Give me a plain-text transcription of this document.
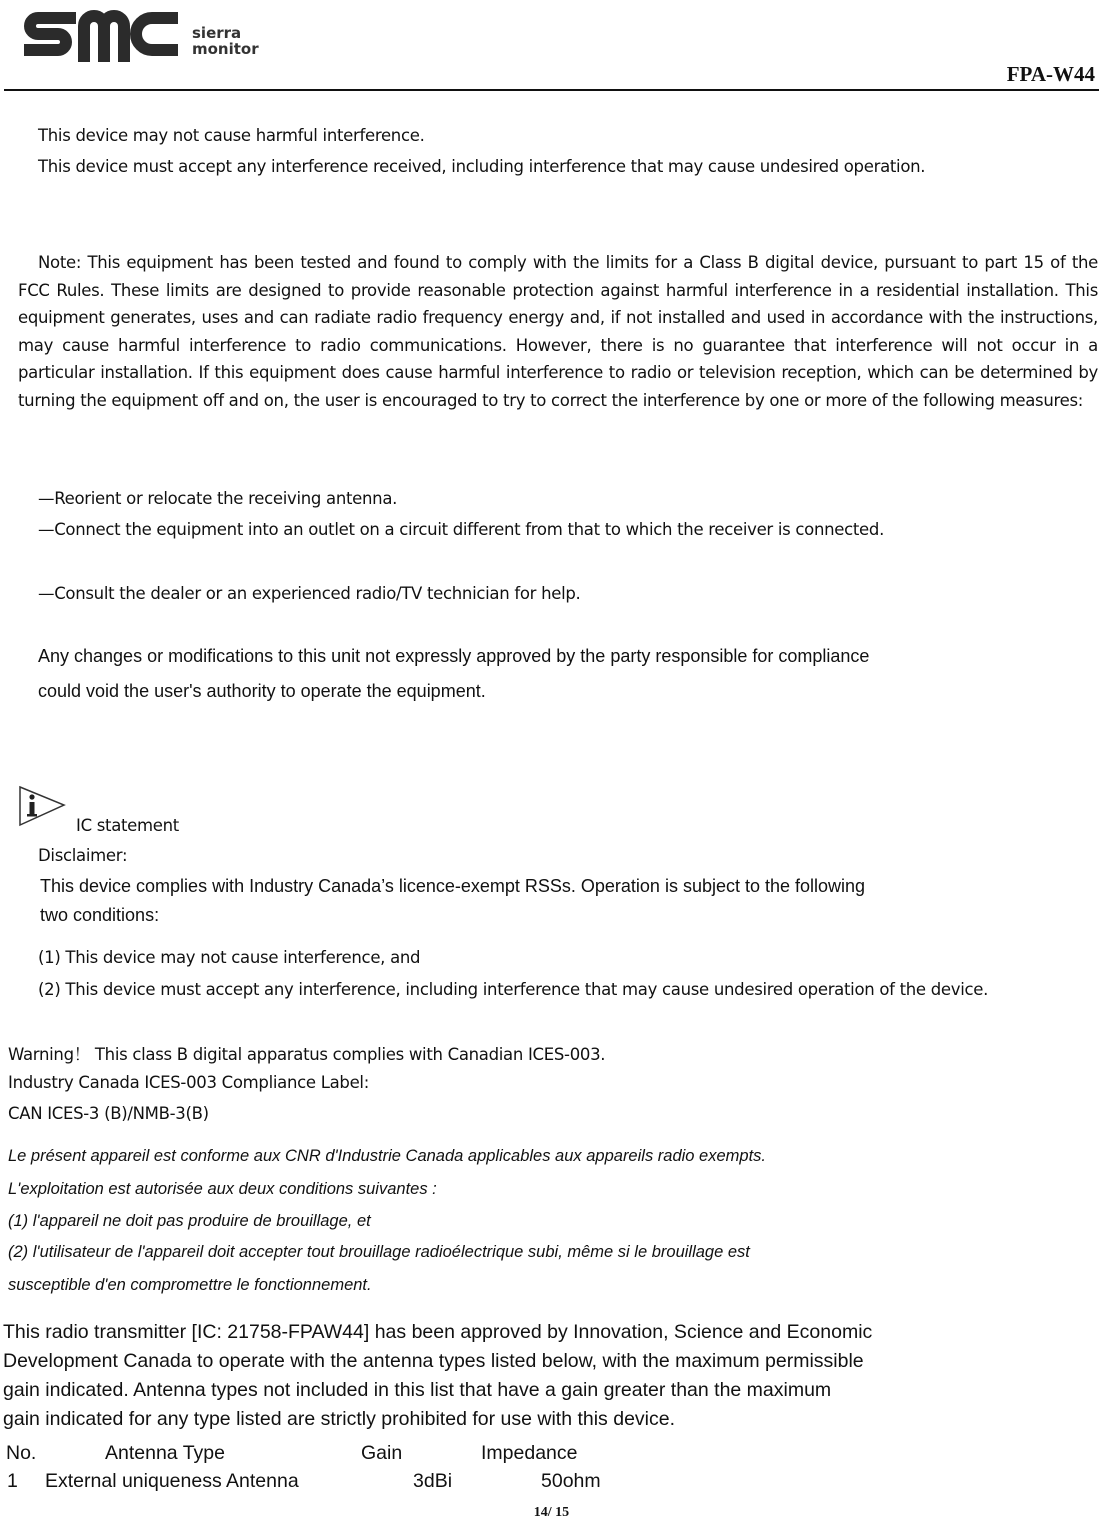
sierra
monitor
FPA-W44
This device may not cause harmful interference.
This device must accept any interference received, including interference that may cause undesired operation.
Note: This equipment has been tested and found to comply with the limits for a Class B digital device, pursuant to part 15 of the FCC Rules. These limits are designed to provide reasonable protection against harmful interference in a residential installation. This equipment generates, uses and can radiate radio frequency energy and, if not installed and used in accordance with the instructions, may cause harmful interference to radio communications. However, there is no guarantee that interference will not occur in a particular installation. If this equipment does cause harmful interference to radio or television reception, which can be determined by turning the equipment off and on, the user is encouraged to try to correct the interference by one or more of the following measures:
—Reorient or relocate the receiving antenna.
—Connect the equipment into an outlet on a circuit different from that to which the receiver is connected.
—Consult the dealer or an experienced radio/TV technician for help.
Any changes or modifications to this unit not expressly approved by the party responsible for compliance
could void the user's authority to operate the equipment.
IC statement
Disclaimer:
This device complies with Industry Canada’s licence-exempt RSSs. Operation is subject to the following
two conditions:
(1) This device may not cause interference, and
(2) This device must accept any interference, including interference that may cause undesired operation of the device.
Warning！ This class B digital apparatus complies with Canadian ICES-003.
Industry Canada ICES-003 Compliance Label:
CAN ICES-3 (B)/NMB-3(B)
Le présent appareil est conforme aux CNR d'Industrie Canada applicables aux appareils radio exempts.
L'exploitation est autorisée aux deux conditions suivantes :
(1) l'appareil ne doit pas produire de brouillage, et
(2) l'utilisateur de l'appareil doit accepter tout brouillage radioélectrique subi, même si le brouillage est
susceptible d'en compromettre le fonctionnement.
This radio transmitter [IC: 21758-FPAW44] has been approved by Innovation, Science and Economic
Development Canada to operate with the antenna types listed below, with the maximum permissible
gain indicated. Antenna types not included in this list that have a gain greater than the maximum
gain indicated for any type listed are strictly prohibited for use with this device.
No.	Antenna Type	Gain	Impedance
1 External uniqueness Antenna	3dBi	50ohm
14/ 15
